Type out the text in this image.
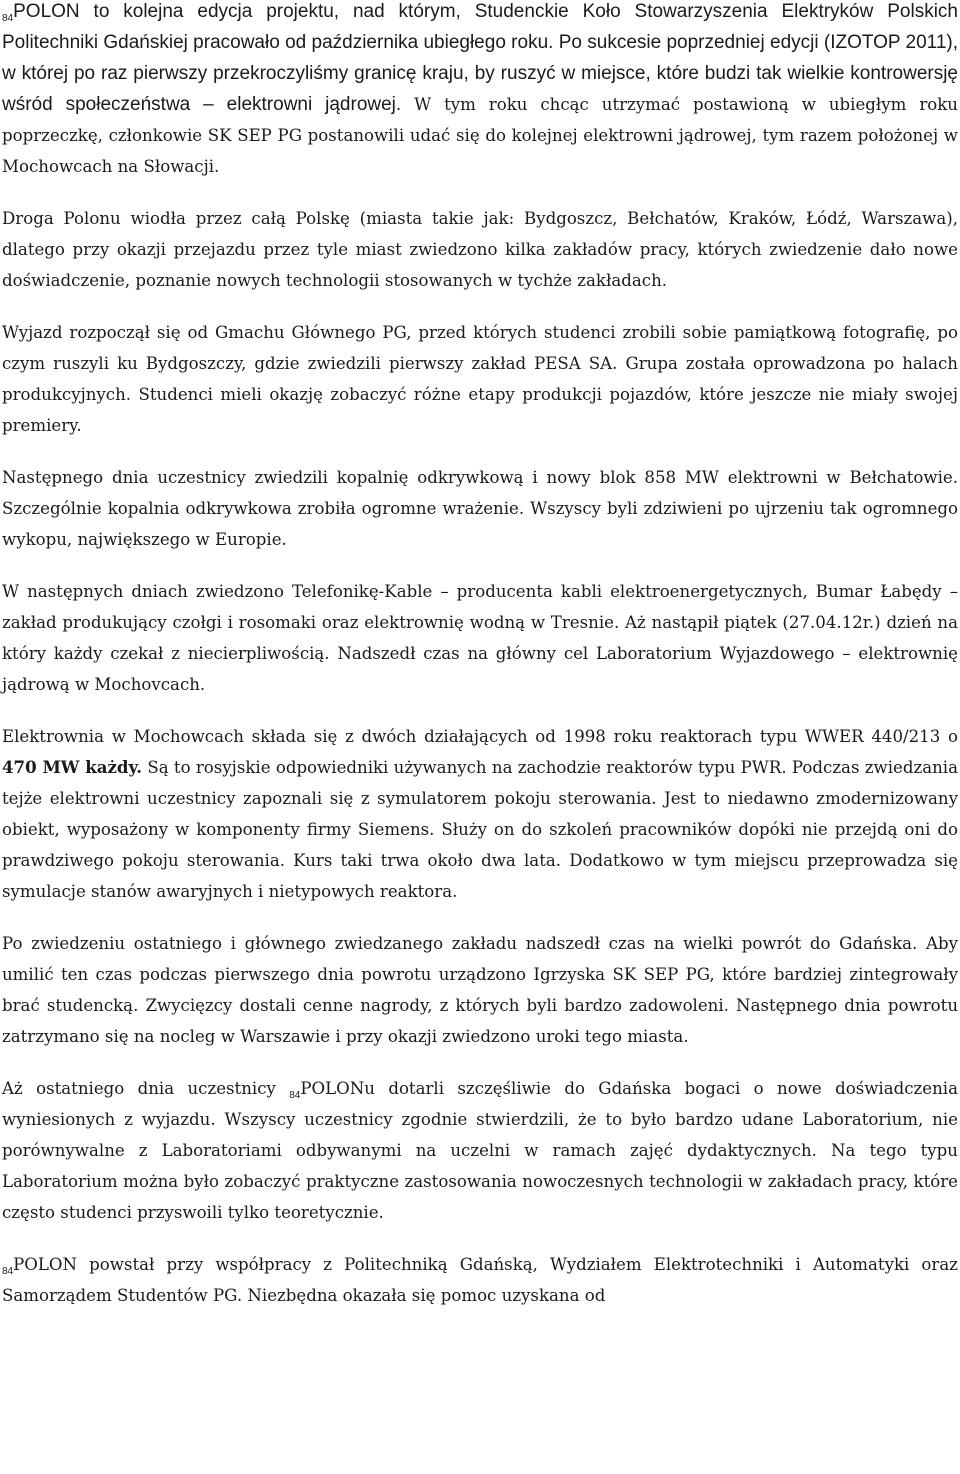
$_{84}$POLON to kolejna edycja projektu, nad którym, Studenckie Koło Stowarzyszenia Elektryków Polskich Politechniki Gdańskiej pracowało od października ubiegłego roku. Po sukcesie poprzedniej edycji (IZOTOP 2011), w której po raz pierwszy przekroczyliśmy granicę kraju, by ruszyć w miejsce, które budzi tak wielkie kontrowersję wśród społeczeństwa – elektrowni jądrowej. W tym roku chcąc utrzymać postawioną w ubiegłym roku poprzeczkę, członkowie SK SEP PG postanowili udać się do kolejnej elektrowni jądrowej, tym razem położonej w Mochowcach na Słowacji.

Droga Polonu wiodła przez całą Polskę (miasta takie jak: Bydgoszcz, Bełchatów, Kraków, Łódź, Warszawa), dlatego przy okazji przejazdu przez tyle miast zwiedzono kilka zakładów pracy, których zwiedzenie dało nowe doświadczenie, poznanie nowych technologii stosowanych w tychże zakładach.

Wyjazd rozpoczął się od Gmachu Głównego PG, przed których studenci zrobili sobie pamiątkową fotografię, po czym ruszyli ku Bydgoszczy, gdzie zwiedzili pierwszy zakład PESA SA. Grupa została oprowadzona po halach produkcyjnych. Studenci mieli okazję zobaczyć różne etapy produkcji pojazdów, które jeszcze nie miały swojej premiery.

Następnego dnia uczestnicy zwiedzili kopalnię odkrywkową i nowy blok 858 MW elektrowni w Bełchatowie. Szczególnie kopalnia odkrywkowa zrobiła ogromne wrażenie. Wszyscy byli zdziwieni po ujrzeniu tak ogromnego wykopu, największego w Europie.

W następnych dniach zwiedzono Telefonikę-Kable – producenta kabli elektroenergetycznych, Bumar Łabędy – zakład produkujący czołgi i rosomaki oraz elektrownię wodną w Tresnie. Aż nastąpił piątek (27.04.12r.) dzień na który każdy czekał z niecierpliwością. Nadszedł czas na główny cel Laboratorium Wyjazdowego – elektrownię jądrową w Mochovcach.

Elektrownia w Mochowcach składa się z dwóch działających od 1998 roku reaktorach typu WWER 440/213 o 470 MW każdy. Są to rosyjskie odpowiedniki używanych na zachodzie reaktorów typu PWR. Podczas zwiedzania tejże elektrowni uczestnicy zapoznali się z symulatorem pokoju sterowania. Jest to niedawno zmodernizowany obiekt, wyposażony w komponenty firmy Siemens. Służy on do szkoleń pracowników dopóki nie przejdą oni do prawdziwego pokoju sterowania. Kurs taki trwa około dwa lata. Dodatkowo w tym miejscu przeprowadza się symulacje stanów awaryjnych i nietypowych reaktora.

Po zwiedzeniu ostatniego i głównego zwiedzanego zakładu nadszedł czas na wielki powrót do Gdańska. Aby umilić ten czas podczas pierwszego dnia powrotu urządzono Igrzyska SK SEP PG, które bardziej zintegrowały brać studencką. Zwycięzcy dostali cenne nagrody, z których byli bardzo zadowoleni. Następnego dnia powrotu zatrzymano się na nocleg w Warszawie i przy okazji zwiedzono uroki tego miasta.

Aż ostatniego dnia uczestnicy $_{84}$POLONu dotarli szczęśliwie do Gdańska bogaci o nowe doświadczenia wyniesionych z wyjazdu. Wszyscy uczestnicy zgodnie stwierdzili, że to było bardzo udane Laboratorium, nie porównywalne z Laboratoriami odbywanymi na uczelni w ramach zajęć dydaktycznych. Na tego typu Laboratorium można było zobaczyć praktyczne zastosowania nowoczesnych technologii w zakładach pracy, które często studenci przyswoili tylko teoretycznie.

$_{84}$POLON powstał przy współpracy z Politechniką Gdańską, Wydziałem Elektrotechniki i Automatyki oraz Samorządem Studentów PG. Niezbędna okazała się pomoc uzyskana od
